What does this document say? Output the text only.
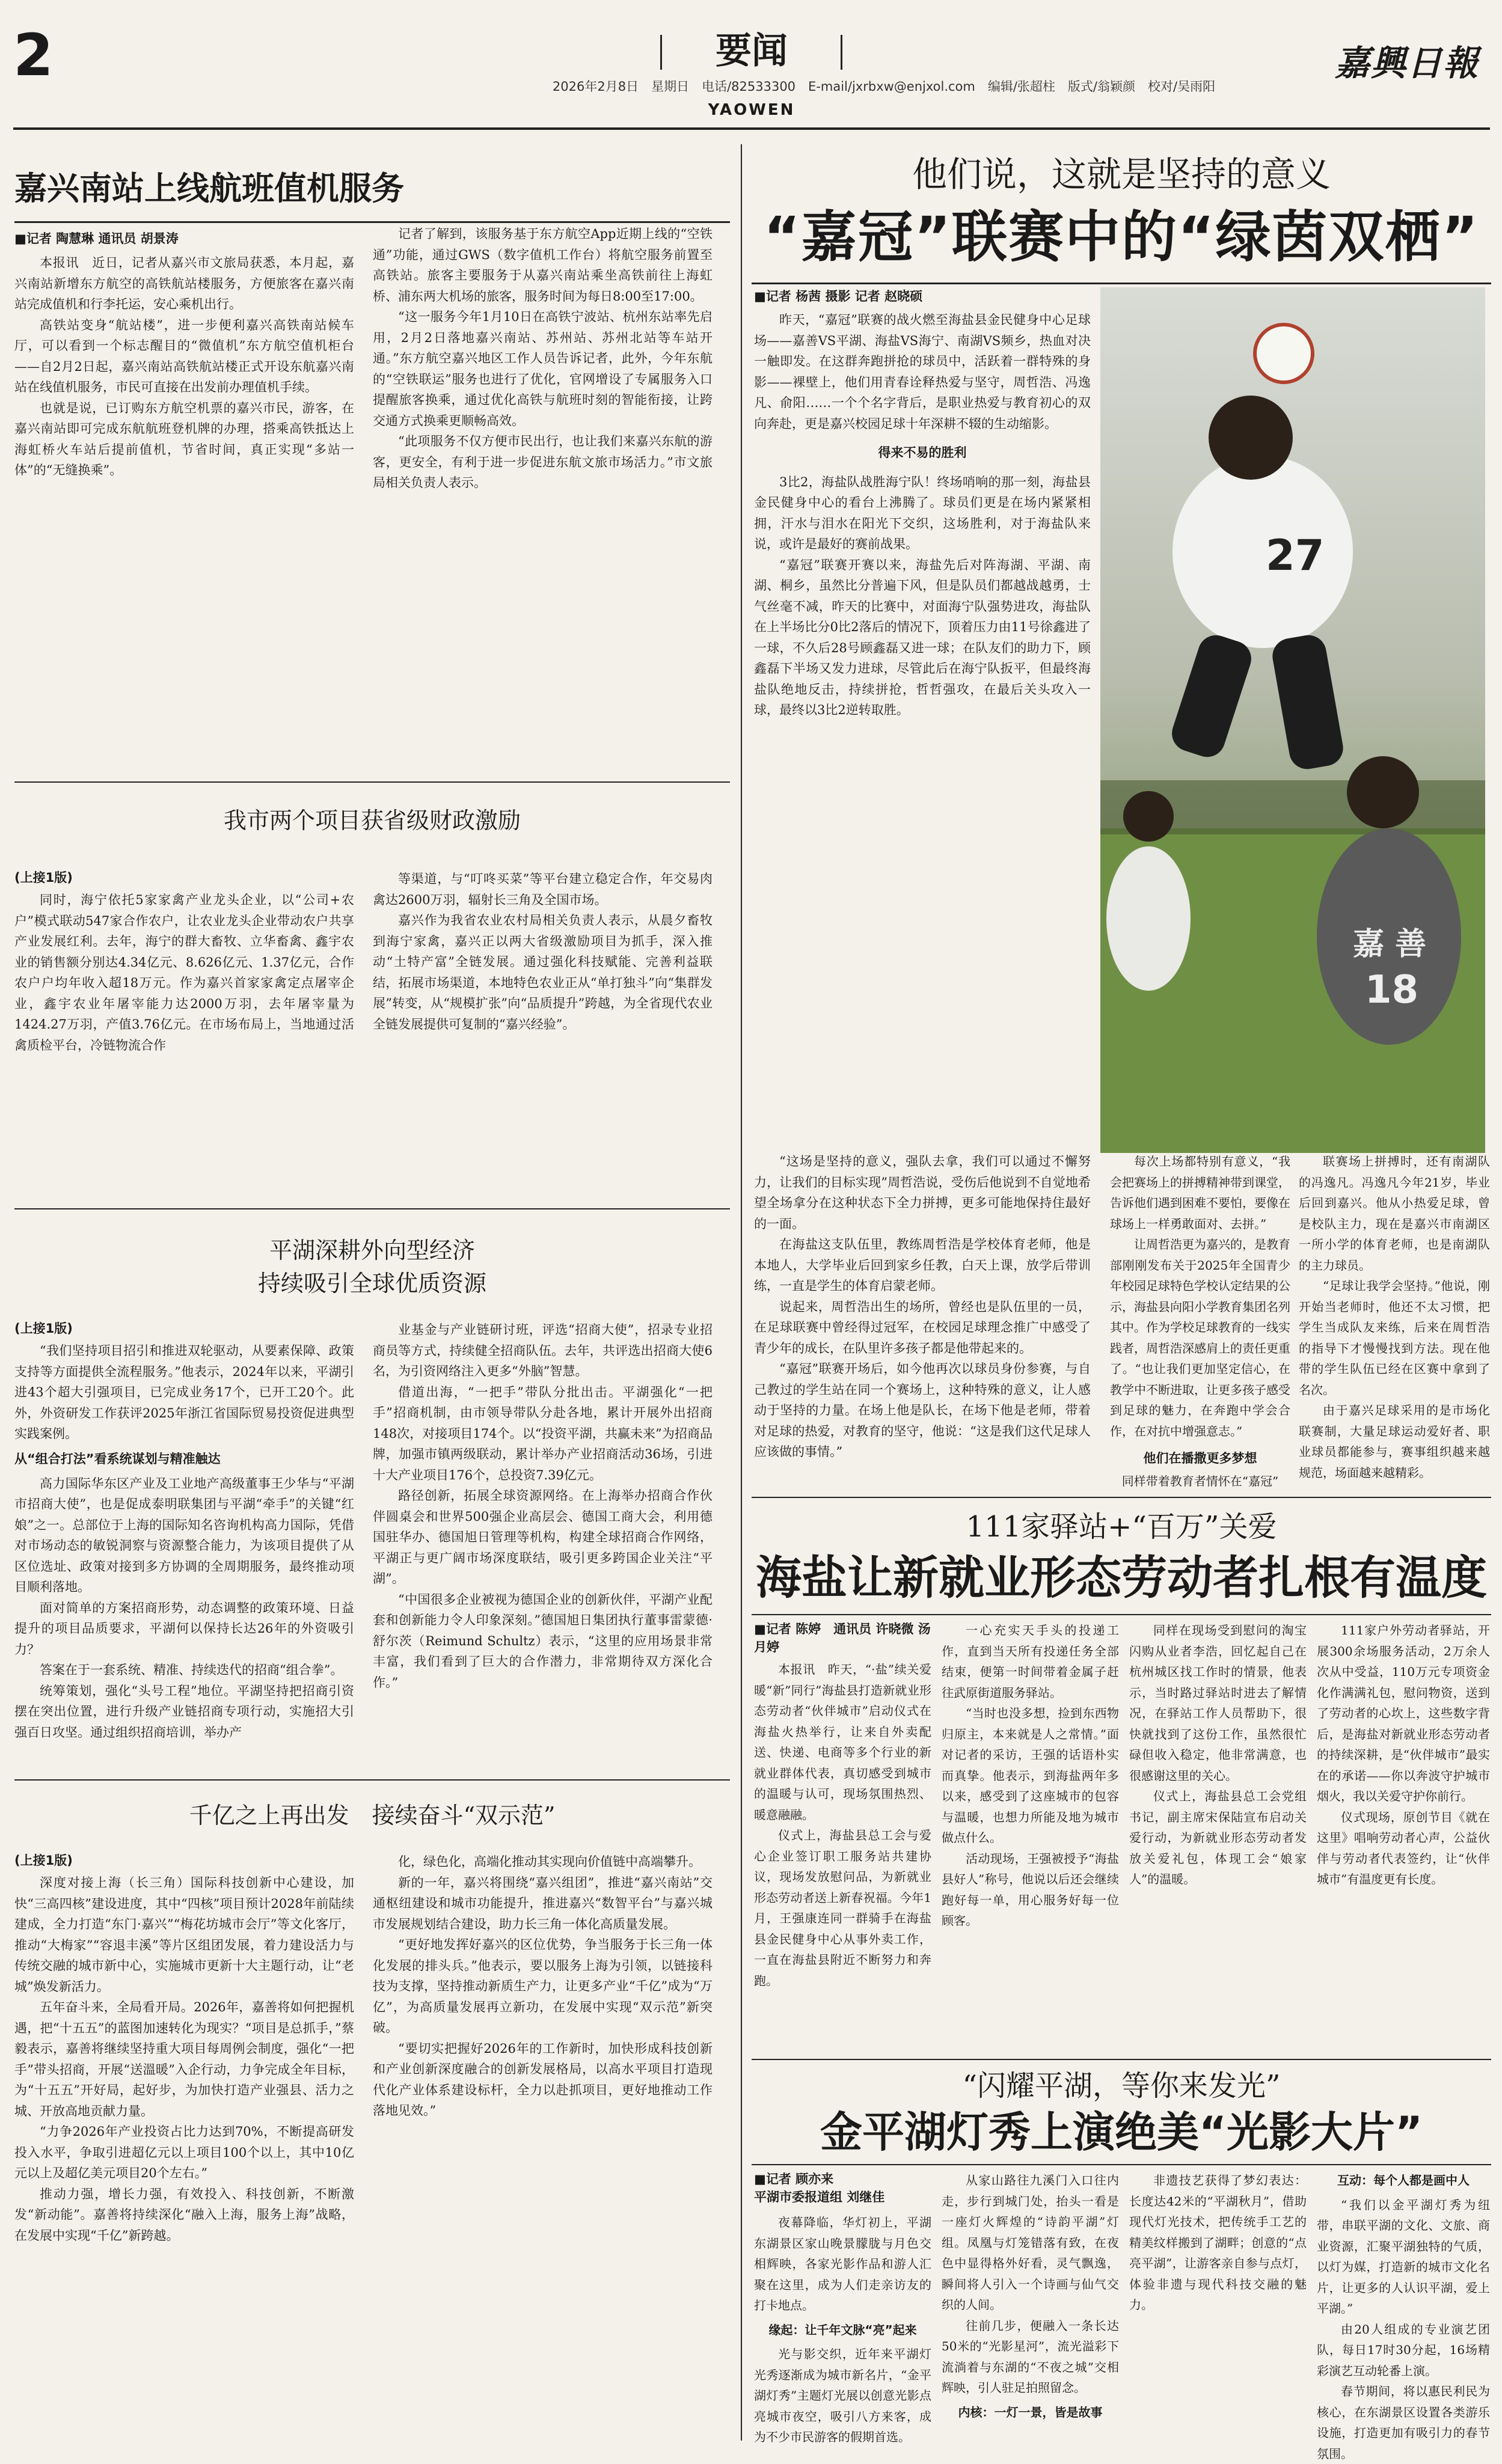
2	要闻
YAOWEN
2026年2月8日　星期日　电话/82533300　E-mail/jxrbxw@enjxol.com　编辑/张超柱　版式/翁颖颜　校对/吴雨阳
嘉興日報
嘉兴南站上线航班值机服务
■记者 陶慧琳 通讯员 胡景涛

本报讯　近日，记者从嘉兴市文旅局获悉，本月起，嘉兴南站新增东方航空的高铁航站楼服务，方便旅客在嘉兴南站完成值机和行李托运，安心乘机出行。

高铁站变身“航站楼”，进一步便利嘉兴高铁南站候车厅，可以看到一个标志醒目的“微值机”东方航空值机柜台——自2月2日起，嘉兴南站高铁航站楼正式开设东航嘉兴南站在线值机服务，市民可直接在出发前办理值机手续。

也就是说，已订购东方航空机票的嘉兴市民，游客，在嘉兴南站即可完成东航航班登机牌的办理，搭乘高铁抵达上海虹桥火车站后提前值机，节省时间，真正实现“多站一体”的“无缝换乘”。

记者了解到，该服务基于东方航空App近期上线的“空铁通”功能，通过GWS（数字值机工作台）将航空服务前置至高铁站。旅客主要服务于从嘉兴南站乘坐高铁前往上海虹桥、浦东两大机场的旅客，服务时间为每日8:00至17:00。

“这一服务今年1月10日在高铁宁波站、杭州东站率先启用，2月2日落地嘉兴南站、苏州站、苏州北站等车站开通。”东方航空嘉兴地区工作人员告诉记者，此外，今年东航的“空铁联运”服务也进行了优化，官网增设了专属服务入口提醒旅客换乘，通过优化高铁与航班时刻的智能衔接，让跨交通方式换乘更顺畅高效。

“此项服务不仅方便市民出行，也让我们来嘉兴东航的游客，更安全，有利于进一步促进东航文旅市场活力。”市文旅局相关负责人表示。

我市两个项目获省级财政激励
(上接1版)

同时，海宁依托5家家禽产业龙头企业，以“公司+农户”模式联动547家合作农户，让农业龙头企业带动农户共享产业发展红利。去年，海宁的群大畜牧、立华畜禽、鑫宇农业的销售额分别达4.34亿元、8.626亿元、1.37亿元，合作农户户均年收入超18万元。作为嘉兴首家家禽定点屠宰企业，鑫宇农业年屠宰能力达2000万羽，去年屠宰量为1424.27万羽，产值3.76亿元。在市场布局上，当地通过活禽质检平台，冷链物流合作

等渠道，与“叮咚买菜”等平台建立稳定合作，年交易肉禽达2600万羽，辐射长三角及全国市场。

嘉兴作为我省农业农村局相关负责人表示，从晨夕畜牧到海宁家禽，嘉兴正以两大省级激励项目为抓手，深入推动“土特产富”全链发展。通过强化科技赋能、完善利益联结，拓展市场渠道，本地特色农业正从“单打独斗”向“集群发展”转变，从“规模扩张”向“品质提升”跨越，为全省现代农业全链发展提供可复制的“嘉兴经验”。

平湖深耕外向型经济
持续吸引全球优质资源
(上接1版)

“我们坚持项目招引和推进双轮驱动，从要素保障、政策支持等方面提供全流程服务。”他表示，2024年以来，平湖引进43个超大引强项目，已完成业务17个，已开工20个。此外，外资研发工作获评2025年浙江省国际贸易投资促进典型实践案例。

从“组合打法”看系统谋划与精准触达

高力国际华东区产业及工业地产高级董事王少华与“平湖市招商大使”，也是促成泰明联集团与平湖“牵手”的关键“红娘”之一。总部位于上海的国际知名咨询机构高力国际，凭借对市场动态的敏锐洞察与资源整合能力，为该项目提供了从区位选址、政策对接到多方协调的全周期服务，最终推动项目顺利落地。

面对简单的方案招商形势，动态调整的政策环境、日益提升的项目品质要求，平湖何以保持长达26年的外资吸引力？

答案在于一套系统、精准、持续迭代的招商“组合拳”。

统筹策划，强化“头号工程”地位。平湖坚持把招商引资摆在突出位置，进行升级产业链招商专项行动，实施招大引强百日攻坚。通过组织招商培训，举办产

业基金与产业链研讨班，评选“招商大使”，招录专业招商员等方式，持续健全招商队伍。去年，共评选出招商大使6名，为引资网络注入更多“外脑”智慧。

借道出海，“一把手”带队分批出击。平湖强化“一把手”招商机制，由市领导带队分赴各地，累计开展外出招商148次，对接项目174个。以“投资平湖，共赢未来”为招商品牌，加强市镇两级联动，累计举办产业招商活动36场，引进十大产业项目176个，总投资7.39亿元。

路径创新，拓展全球资源网络。在上海举办招商合作伙伴圆桌会和世界500强企业高层会、德国工商大会，利用德国驻华办、德国旭日管理等机构，构建全球招商合作网络，平湖正与更广阔市场深度联结，吸引更多跨国企业关注“平湖”。

“中国很多企业被视为德国企业的创新伙伴，平湖产业配套和创新能力令人印象深刻。”德国旭日集团执行董事雷蒙德·舒尔茨（Reimund Schultz）表示，“这里的应用场景非常丰富，我们看到了巨大的合作潜力，非常期待双方深化合作。”

千亿之上再出发　接续奋斗“双示范”
(上接1版)

深度对接上海（长三角）国际科技创新中心建设，加快“三高四核”建设进度，其中“四核”项目预计2028年前陆续建成，全力打造“东门·嘉兴”“梅花坊城市会厅”等文化客厅，推动“大梅家”“容退丰溪”等片区组团发展，着力建设活力与传统交融的城市新中心，实施城市更新十大主题行动，让“老城”焕发新活力。

五年奋斗来，全局看开局。2026年，嘉善将如何把握机遇，把“十五五”的蓝图加速转化为现实？“项目是总抓手，”蔡毅表示，嘉善将继续坚持重大项目每周例会制度，强化“一把手”带头招商，开展“送溫暖”入企行动，力争完成全年目标，为“十五五”开好局，起好步，为加快打造产业强县、活力之城、开放高地贡献力量。

“力争2026年产业投资占比力达到70%，不断提高研发投入水平，争取引进超亿元以上项目100个以上，其中10亿元以上及超亿美元项目20个左右。”

推动力强，增长力强，有效投入、科技创新，不断激发“新动能”。嘉善将持续深化“融入上海，服务上海”战略，在发展中实现“千亿”新跨越。

化，绿色化，高端化推动其实现向价值链中高端攀升。

新的一年，嘉兴将围绕“嘉兴组团”，推进“嘉兴南站”交通枢纽建设和城市功能提升，推进嘉兴“数智平台”与嘉兴城市发展规划结合建设，助力长三角一体化高质量发展。

“更好地发挥好嘉兴的区位优势，争当服务于长三角一体化发展的排头兵。”他表示，要以服务上海为引领，以链接科技为支撑，坚持推动新质生产力，让更多产业“千亿”成为“万亿”，为高质量发展再立新功，在发展中实现“双示范”新突破。

“要切实把握好2026年的工作新时，加快形成科技创新和产业创新深度融合的创新发展格局，以高水平项目打造现代化产业体系建设标杆，全力以赴抓项目，更好地推动工作落地见效。”

他们说，这就是坚持的意义
“嘉冠”联赛中的“绿茵双栖”
■记者 杨茜 摄影 记者 赵晓硕
27
嘉 善
18

昨天，“嘉冠”联赛的战火燃至海盐县金民健身中心足球场——嘉善VS平湖、海盐VS海宁、南湖VS频乡，热血对决一触即发。在这群奔跑拼抢的球员中，活跃着一群特殊的身影——裸壁上，他们用青春诠释热爱与坚守，周哲浩、冯逸凡、俞阳……一个个名字背后，是职业热爱与教育初心的双向奔赴，更是嘉兴校园足球十年深耕不辍的生动缩影。

得来不易的胜利

3比2，海盐队战胜海宁队！终场哨响的那一刻，海盐县金民健身中心的看台上沸腾了。球员们更是在场内紧紧相拥，汗水与泪水在阳光下交织，这场胜利，对于海盐队来说，或许是最好的赛前战果。

“嘉冠”联赛开赛以来，海盐先后对阵海湖、平湖、南湖、桐乡，虽然比分普遍下风，但是队员们都越战越勇，士气丝毫不减，昨天的比赛中，对面海宁队强势进攻，海盐队在上半场比分0比2落后的情况下，顶着压力由11号徐鑫进了一球，不久后28号顾鑫磊又进一球；在队友们的助力下，顾鑫磊下半场又发力进球，尽管此后在海宁队扳平，但最终海盐队绝地反击，持续拼抢，哲哲强攻，在最后关头攻入一球，最终以3比2逆转取胜。

“这场是坚持的意义，强队去拿，我们可以通过不懈努力，让我们的目标实现”周哲浩说，受伤后他说到不自觉地希望全场拿分在这种状态下全力拼搏，更多可能地保持住最好的一面。

在海盐这支队伍里，教练周哲浩是学校体育老师，他是本地人，大学毕业后回到家乡任教，白天上课，放学后带训练，一直是学生的体育启蒙老师。

说起来，周哲浩出生的场所，曾经也是队伍里的一员，在足球联赛中曾经得过冠军，在校园足球理念推广中感受了青少年的成长，在队里许多孩子都是他带起来的。

“嘉冠”联赛开场后，如今他再次以球员身份参赛，与自己教过的学生站在同一个赛场上，这种特殊的意义，让人感动于坚持的力量。在场上他是队长，在场下他是老师，带着对足球的热爱，对教育的坚守，他说：“这是我们这代足球人应该做的事情。”

每次上场都特别有意义，“我会把赛场上的拼搏精神带到课堂，告诉他们遇到困难不要怕，要像在球场上一样勇敢面对、去拼。”

让周哲浩更为嘉兴的，是教育部刚刚发布关于2025年全国青少年校园足球特色学校认定结果的公示，海盐县向阳小学教育集团名列其中。作为学校足球教育的一线实践者，周哲浩深感肩上的责任更重了。“也让我们更加坚定信心，在教学中不断进取，让更多孩子感受到足球的魅力，在奔跑中学会合作，在对抗中增强意志。”

联赛场上拼搏时，还有南湖队的冯逸凡。冯逸凡今年21岁，毕业后回到嘉兴。他从小热爱足球，曾是校队主力，现在是嘉兴市南湖区一所小学的体育老师，也是南湖队的主力球员。

“足球让我学会坚持。”他说，刚开始当老师时，他还不太习惯，把学生当成队友来练，后来在周哲浩的指导下才慢慢找到方法。现在他带的学生队伍已经在区赛中拿到了名次。

由于嘉兴足球采用的是市场化联赛制，大量足球运动爱好者、职业球员都能参与，赛事组织越来越规范，场面越来越精彩。

他们在播撒更多梦想
同样带着教育者情怀在“嘉冠”
111家驿站+“百万”关爱
海盐让新就业形态劳动者扎根有温度
■记者 陈婷　通讯员 许晓微 汤月婷

本报讯　昨天，“·盐”续关爱暖“新”同行”海盐县打造新就业形态劳动者“伙伴城市”启动仪式在海盐火热举行，让来自外卖配送、快递、电商等多个行业的新就业群体代表，真切感受到城市的温暖与认可，现场氛围热烈、暖意融融。

仪式上，海盐县总工会与爱心企业签订职工服务站共建协议，现场发放慰问品，为新就业形态劳动者送上新春祝福。今年1月，王强康连同一群骑手在海盐县金民健身中心从事外卖工作，一直在海盐县附近不断努力和奔跑。

一心充实天手头的投递工作，直到当天所有投递任务全部结束，便第一时间带着金属子赶往武原街道服务驿站。

“当时也没多想，捡到东西物归原主，本来就是人之常情。”面对记者的采访，王强的话语朴实而真挚。他表示，到海盐两年多以来，感受到了这座城市的包容与温暖，也想力所能及地为城市做点什么。

活动现场，王强被授予“海盐县好人”称号，他说以后还会继续跑好每一单，用心服务好每一位顾客。

同样在现场受到慰问的淘宝闪购从业者李浩，回忆起自己在杭州城区找工作时的情景，他表示，当时路过驿站时进去了解情况，在驿站工作人员帮助下，很快就找到了这份工作，虽然很忙碌但收入稳定，他非常满意，也很感谢这里的关心。

仪式上，海盐县总工会党组书记，副主席宋保陆宣布启动关爱行动，为新就业形态劳动者发放关爱礼包，体现工会“娘家人”的温暖。

111家户外劳动者驿站，开展300余场服务活动，2万余人次从中受益，110万元专项资金化作满满礼包，慰问物资，送到了劳动者的心坎上，这些数字背后，是海盐对新就业形态劳动者的持续深耕，是“伙伴城市”最实在的承诺——你以奔波守护城市烟火，我以关爱守护你前行。

仪式现场，原创节目《就在这里》唱响劳动者心声，公益伙伴与劳动者代表签约，让“伙伴城市”有温度更有长度。

“闪耀平湖，等你来发光”
金平湖灯秀上演绝美“光影大片”
■记者 顾亦来
平湖市委报道组 刘继佳

夜幕降临，华灯初上，平湖东湖景区家山晚景朦胧与月色交相辉映，各家光影作品和游人汇聚在这里，成为人们走亲访友的打卡地点。

缘起：让千年文脉“亮”起来

光与影交织，近年来平湖灯光秀逐渐成为城市新名片，“金平湖灯秀”主题灯光展以创意光影点亮城市夜空，吸引八方来客，成为不少市民游客的假期首选。

从家山路往九溪门入口往内走，步行到城门处，抬头一看是一座灯火辉煌的“诗韵平湖”灯组。凤凰与灯笼错落有致，在夜色中显得格外好看，灵气飘逸，瞬间将人引入一个诗画与仙气交织的人间。

往前几步，便融入一条长达50米的“光影星河”，流光溢彩下流淌着与东湖的“不夜之城”交相辉映，引人驻足拍照留念。

内核：一灯一景，皆是故事

非遗技艺获得了梦幻表达：长度达42米的“平湖秋月”，借助现代灯光技术，把传统手工艺的精美纹样搬到了湖畔；创意的“点亮平湖”，让游客亲自参与点灯，体验非遗与现代科技交融的魅力。

互动：每个人都是画中人

“我们以金平湖灯秀为纽带，串联平湖的文化、文旅、商业资源，汇聚平湖独特的气质，以灯为媒，打造新的城市文化名片，让更多的人认识平湖，爱上平湖。”

由20人组成的专业演艺团队，每日17时30分起，16场精彩演艺互动轮番上演。

春节期间，将以惠民利民为核心，在东湖景区设置各类游乐设施，打造更加有吸引力的春节氛围。
